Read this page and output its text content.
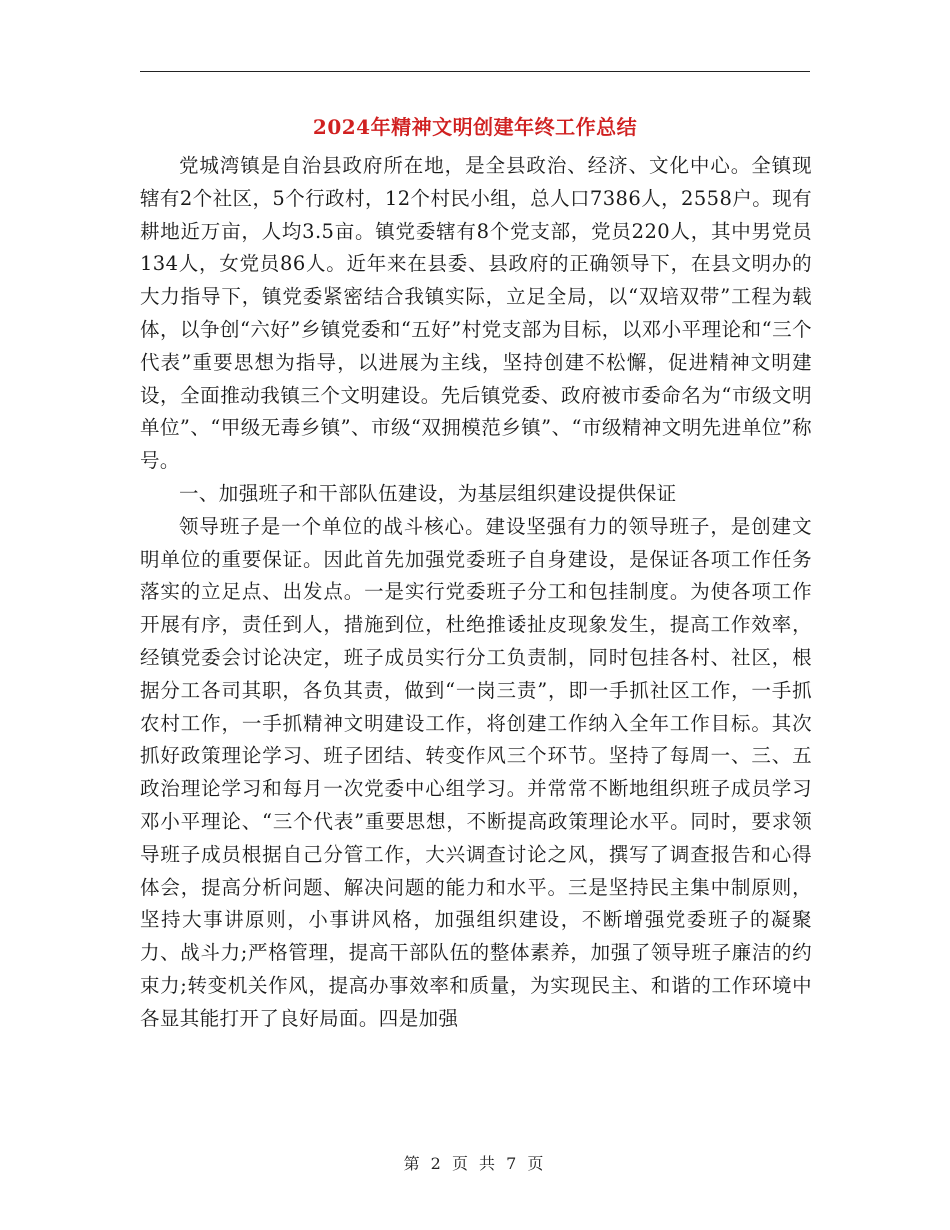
2024年精神文明创建年终工作总结

党城湾镇是自治县政府所在地，是全县政治、经济、文化中心。全镇现辖有2个社区，5个行政村，12个村民小组，总人口7386人，2558户。现有耕地近万亩，人均3.5亩。镇党委辖有8个党支部，党员220人，其中男党员134人，女党员86人。近年来在县委、县政府的正确领导下，在县文明办的大力指导下，镇党委紧密结合我镇实际，立足全局，以“双培双带”工程为载体，以争创“六好”乡镇党委和“五好”村党支部为目标，以邓小平理论和“三个代表”重要思想为指导，以进展为主线，坚持创建不松懈，促进精神文明建设，全面推动我镇三个文明建设。先后镇党委、政府被市委命名为“市级文明单位”、“甲级无毒乡镇”、市级“双拥模范乡镇”、“市级精神文明先进单位”称号。

一、加强班子和干部队伍建设，为基层组织建设提供保证

领导班子是一个单位的战斗核心。建设坚强有力的领导班子，是创建文明单位的重要保证。因此首先加强党委班子自身建设，是保证各项工作任务落实的立足点、出发点。一是实行党委班子分工和包挂制度。为使各项工作开展有序，责任到人，措施到位，杜绝推诿扯皮现象发生，提高工作效率，经镇党委会讨论决定，班子成员实行分工负责制，同时包挂各村、社区，根据分工各司其职，各负其责，做到“一岗三责”，即一手抓社区工作，一手抓农村工作，一手抓精神文明建设工作，将创建工作纳入全年工作目标。其次抓好政策理论学习、班子团结、转变作风三个环节。坚持了每周一、三、五政治理论学习和每月一次党委中心组学习。并常常不断地组织班子成员学习邓小平理论、“三个代表”重要思想，不断提高政策理论水平。同时，要求领导班子成员根据自己分管工作，大兴调查讨论之风，撰写了调查报告和心得体会，提高分析问题、解决问题的能力和水平。三是坚持民主集中制原则，坚持大事讲原则，小事讲风格，加强组织建设，不断增强党委班子的凝聚力、战斗力;严格管理，提高干部队伍的整体素养，加强了领导班子廉洁的约束力;转变机关作风，提高办事效率和质量，为实现民主、和谐的工作环境中各显其能打开了良好局面。四是加强

第 2 页 共 7 页
